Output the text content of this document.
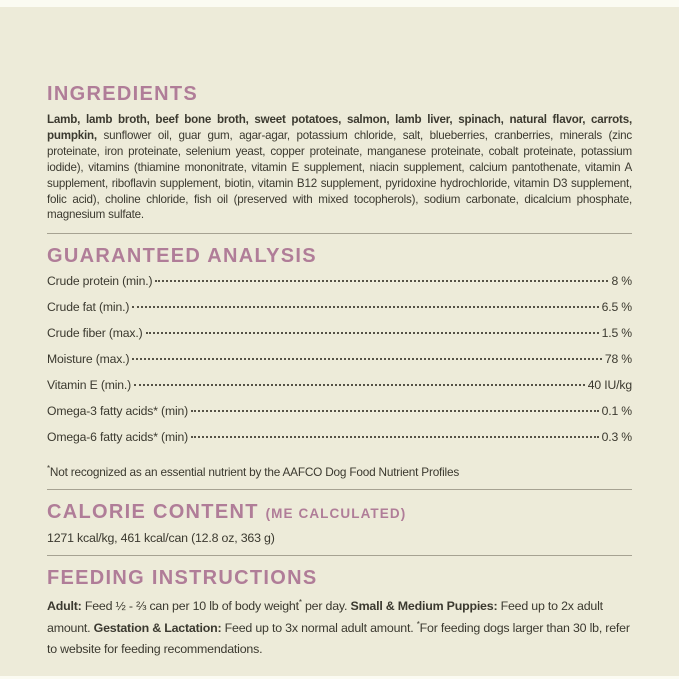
INGREDIENTS

Lamb, lamb broth, beef bone broth, sweet potatoes, salmon, lamb liver, spinach, natural flavor, carrots, pumpkin, sunflower oil, guar gum, agar-agar, potassium chloride, salt, blueberries, cranberries, minerals (zinc proteinate, iron proteinate, selenium yeast, copper proteinate, manganese proteinate, cobalt proteinate, potassium iodide), vitamins (thiamine mononitrate, vitamin E supplement, niacin supplement, calcium pantothenate, vitamin A supplement, riboflavin supplement, biotin, vitamin B12 supplement, pyridoxine hydrochloride, vitamin D3 supplement, folic acid), choline chloride, fish oil (preserved with mixed tocopherols), sodium carbonate, dicalcium phosphate, magnesium sulfate.

GUARANTEED ANALYSIS
Crude protein (min.)	8 %
Crude fat (min.)	6.5 %
Crude fiber (max.)	1.5 %
Moisture (max.)	78 %
Vitamin E (min.)	40 IU/kg
Omega-3 fatty acids* (min)	0.1 %
Omega-6 fatty acids* (min)	0.3 %

*Not recognized as an essential nutrient by the AAFCO Dog Food Nutrient Profiles

CALORIE CONTENT (ME CALCULATED)

1271 kcal/kg, 461 kcal/can (12.8 oz, 363 g)

FEEDING INSTRUCTIONS

Adult: Feed ½ - ⅔ can per 10 lb of body weight* per day. Small & Medium Puppies: Feed up to 2x adult amount. Gestation & Lactation: Feed up to 3x normal adult amount. *For feeding dogs larger than 30 lb, refer to website for feeding recommendations.
